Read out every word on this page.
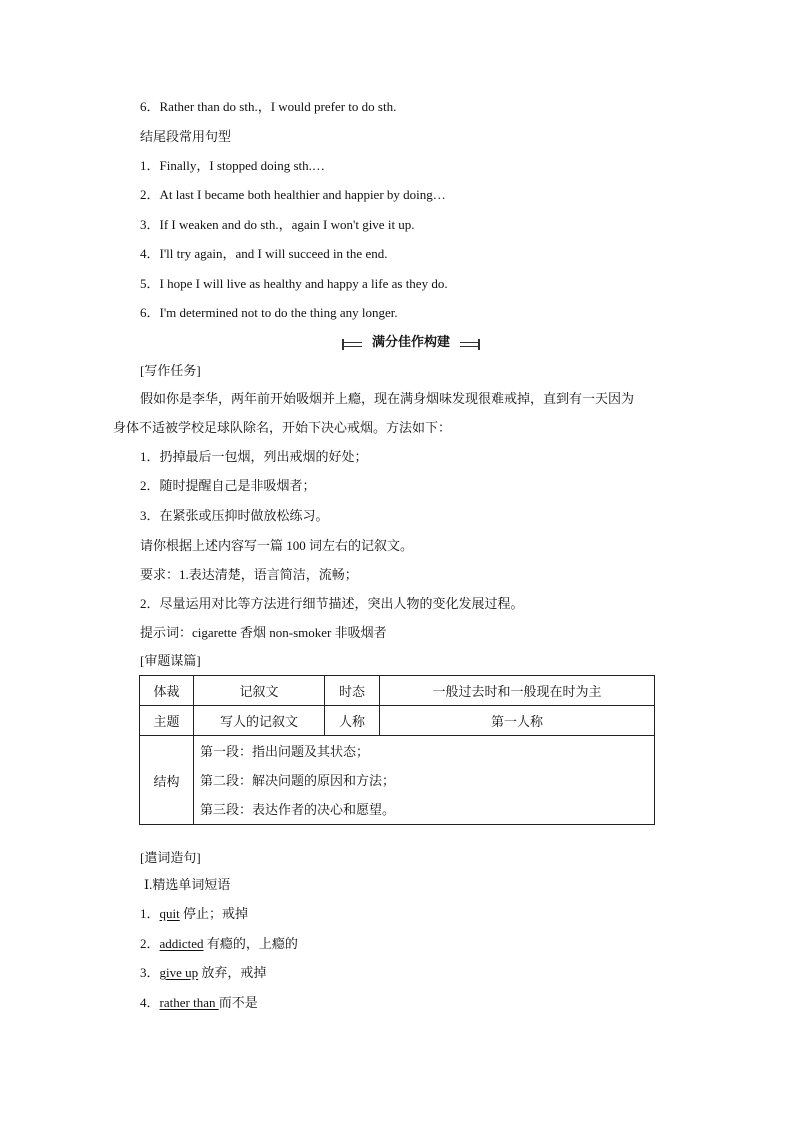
6．Rather than do sth.，I would prefer to do sth.
结尾段常用句型
1．Finally，I stopped doing sth.…
2．At last I became both healthier and happier by doing…
3．If I weaken and do sth.，again I won't give it up.
4．I'll try again，and I will succeed in the end.
5．I hope I will live as healthy and happy a life as they do.
6．I'm determined not to do the thing any longer.
满分佳作构建
[写作任务]
假如你是李华，两年前开始吸烟并上瘾，现在满身烟味发现很难戒掉，直到有一天因为
身体不适被学校足球队除名，开始下决心戒烟。方法如下：
1．扔掉最后一包烟，列出戒烟的好处；
2．随时提醒自己是非吸烟者；
3．在紧张或压抑时做放松练习。
请你根据上述内容写一篇 100 词左右的记叙文。
要求：1.表达清楚，语言简洁，流畅；
2．尽量运用对比等方法进行细节描述，突出人物的变化发展过程。
提示词：cigarette 香烟 non-smoker 非吸烟者
[审题谋篇]
体裁	记叙文	时态	一般过去时和一般现在时为主
主题	写人的记叙文	人称	第一人称
结构	第一段：指出问题及其状态；
第二段：解决问题的原因和方法；
第三段：表达作者的决心和愿望。		
[遣词造句]
Ⅰ.精选单词短语
1．quit 停止；戒掉
2．addicted 有瘾的，上瘾的
3．give up 放弃，戒掉
4．rather than 而不是
